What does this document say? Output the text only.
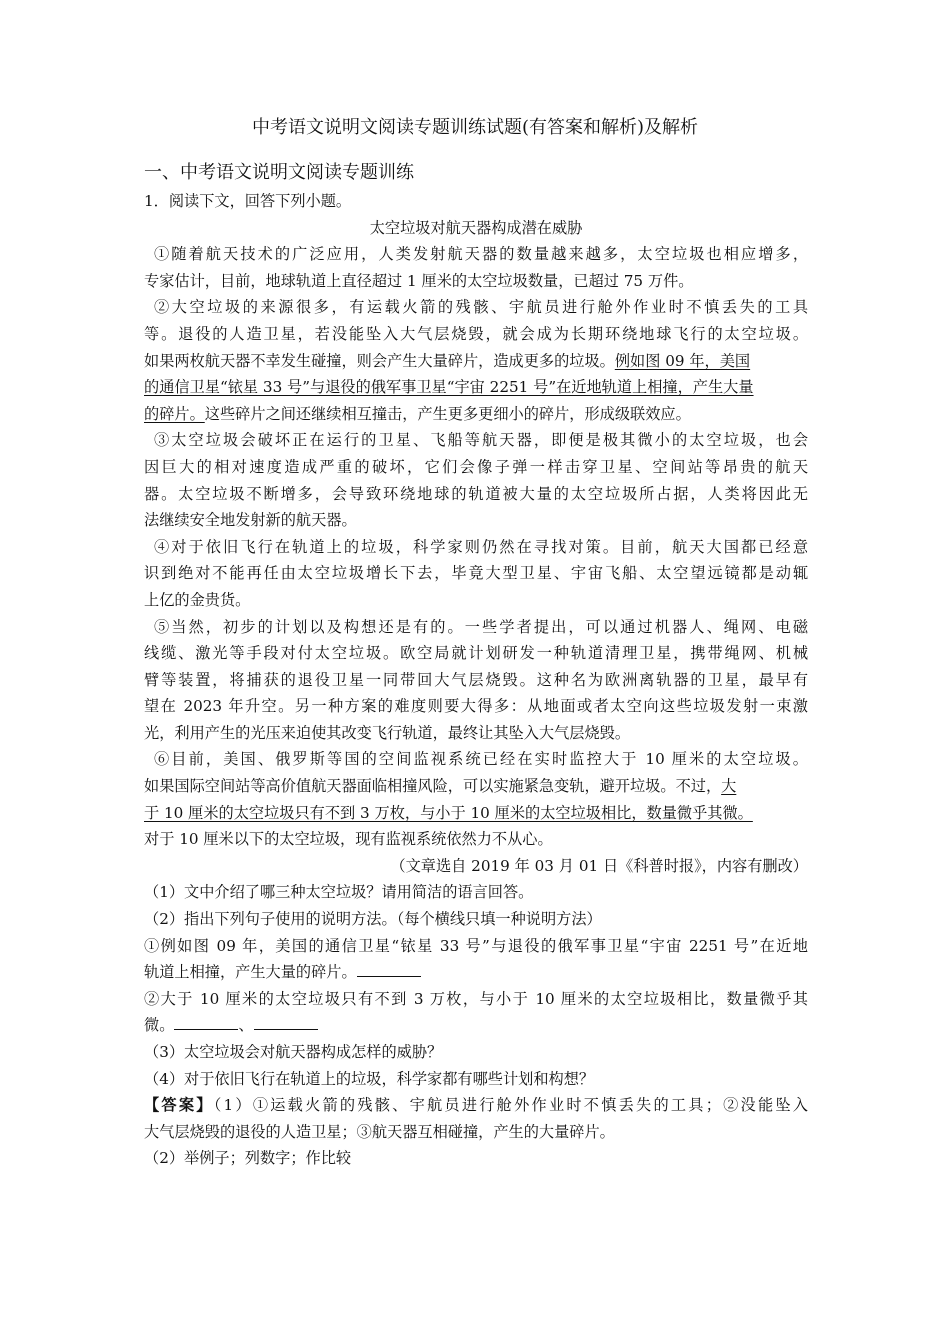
中考语文说明文阅读专题训练试题(有答案和解析)及解析
一、中考语文说明文阅读专题训练
1．阅读下文，回答下列小题。
太空垃圾对航天器构成潜在威胁
①随着航天技术的广泛应用，人类发射航天器的数量越来越多，太空垃圾也相应增多，
专家估计，目前，地球轨道上直径超过 1 厘米的太空垃圾数量，已超过 75 万件。
②大空垃圾的来源很多，有运载火箭的残骸、宇航员进行舱外作业时不慎丢失的工具
等。退役的人造卫星，若没能坠入大气层烧毁，就会成为长期环绕地球飞行的太空垃圾。
如果两枚航天器不幸发生碰撞，则会产生大量碎片，造成更多的垃圾。例如图 09 年，美国
的通信卫星“铱星 33 号”与退役的俄军事卫星“宇宙 2251 号”在近地轨道上相撞，产生大量
的碎片。这些碎片之间还继续相互撞击，产生更多更细小的碎片，形成级联效应。
③太空垃圾会破坏正在运行的卫星、飞船等航天器，即便是极其微小的太空垃圾，也会
因巨大的相对速度造成严重的破坏，它们会像子弹一样击穿卫星、空间站等昂贵的航天
器。太空垃圾不断增多，会导致环绕地球的轨道被大量的太空垃圾所占据，人类将因此无
法继续安全地发射新的航天器。
④对于依旧飞行在轨道上的垃圾，科学家则仍然在寻找对策。目前，航天大国都已经意
识到绝对不能再任由太空垃圾增长下去，毕竟大型卫星、宇宙飞船、太空望远镜都是动辄
上亿的金贵货。
⑤当然，初步的计划以及构想还是有的。一些学者提出，可以通过机器人、绳网、电磁
线缆、激光等手段对付太空垃圾。欧空局就计划研发一种轨道清理卫星，携带绳网、机械
臂等装置，将捕获的退役卫星一同带回大气层烧毁。这种名为欧洲离轨器的卫星，最早有
望在 2023 年升空。另一种方案的难度则要大得多：从地面或者太空向这些垃圾发射一束激
光，利用产生的光压来迫使其改变飞行轨道，最终让其坠入大气层烧毁。
⑥目前，美国、俄罗斯等国的空间监视系统已经在实时监控大于 10 厘米的太空垃圾。
如果国际空间站等高价值航天器面临相撞风险，可以实施紧急变轨，避开垃圾。不过，大
于 10 厘米的太空垃圾只有不到 3 万枚，与小于 10 厘米的太空垃圾相比，数量微乎其微。
对于 10 厘米以下的太空垃圾，现有监视系统依然力不从心。
（文章选自 2019 年 03 月 01 日《科普时报》，内容有删改）
（1）文中介绍了哪三种太空垃圾？请用简洁的语言回答。
（2）指出下列句子使用的说明方法。（每个横线只填一种说明方法）
①例如图 09 年，美国的通信卫星“铱星 33 号”与退役的俄军事卫星“宇宙 2251 号”在近地
轨道上相撞，产生大量的碎片。
②大于 10 厘米的太空垃圾只有不到 3 万枚，与小于 10 厘米的太空垃圾相比，数量微乎其
微。	、
（3）太空垃圾会对航天器构成怎样的威胁？
（4）对于依旧飞行在轨道上的垃圾，科学家都有哪些计划和构想？
【答案】（1）①运载火箭的残骸、宇航员进行舱外作业时不慎丢失的工具；②没能坠入
大气层烧毁的退役的人造卫星；③航天器互相碰撞，产生的大量碎片。
（2）举例子；列数字；作比较
